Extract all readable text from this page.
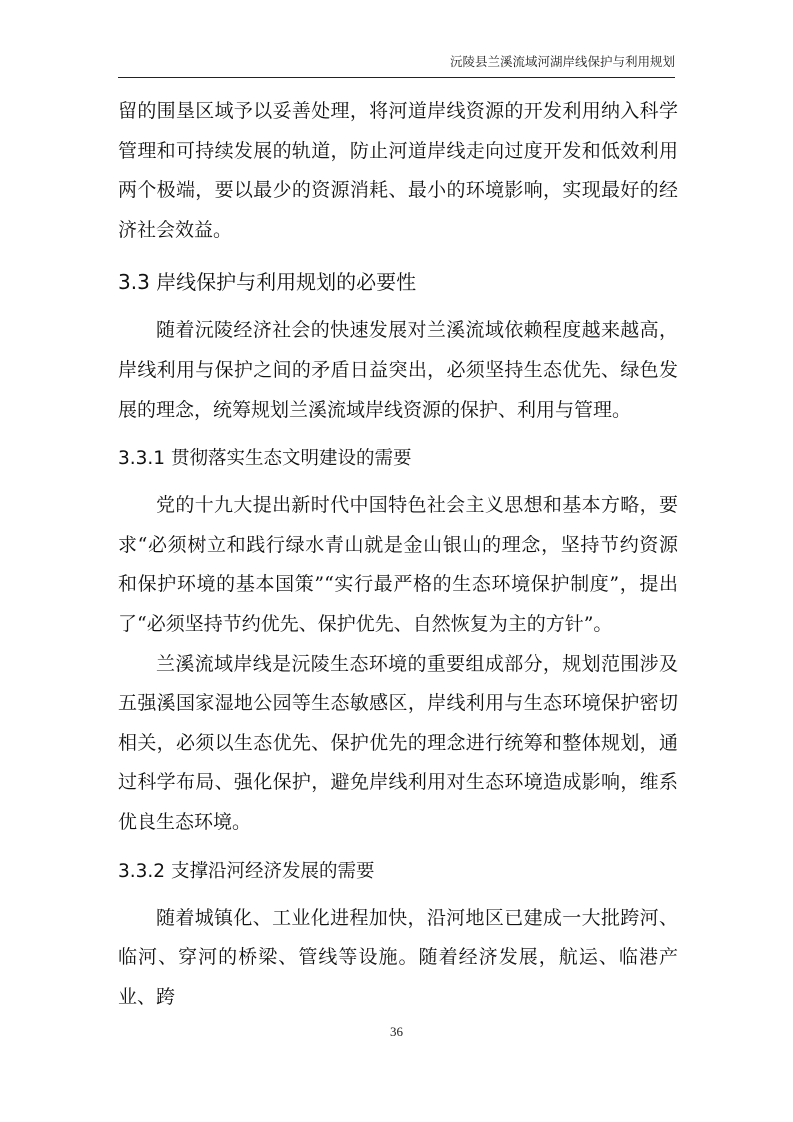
沅陵县兰溪流域河湖岸线保护与利用规划

留的围垦区域予以妥善处理，将河道岸线资源的开发利用纳入科学管理和可持续发展的轨道，防止河道岸线走向过度开发和低效利用两个极端，要以最少的资源消耗、最小的环境影响，实现最好的经济社会效益。

3.3 岸线保护与利用规划的必要性

随着沅陵经济社会的快速发展对兰溪流域依赖程度越来越高，岸线利用与保护之间的矛盾日益突出，必须坚持生态优先、绿色发展的理念，统筹规划兰溪流域岸线资源的保护、利用与管理。

3.3.1 贯彻落实生态文明建设的需要

党的十九大提出新时代中国特色社会主义思想和基本方略，要求“必须树立和践行绿水青山就是金山银山的理念，坚持节约资源和保护环境的基本国策”“实行最严格的生态环境保护制度”，提出了“必须坚持节约优先、保护优先、自然恢复为主的方针”。

兰溪流域岸线是沅陵生态环境的重要组成部分，规划范围涉及五强溪国家湿地公园等生态敏感区，岸线利用与生态环境保护密切相关，必须以生态优先、保护优先的理念进行统筹和整体规划，通过科学布局、强化保护，避免岸线利用对生态环境造成影响，维系优良生态环境。

3.3.2 支撑沿河经济发展的需要

随着城镇化、工业化进程加快，沿河地区已建成一大批跨河、临河、穿河的桥梁、管线等设施。随着经济发展，航运、临港产业、跨

36
